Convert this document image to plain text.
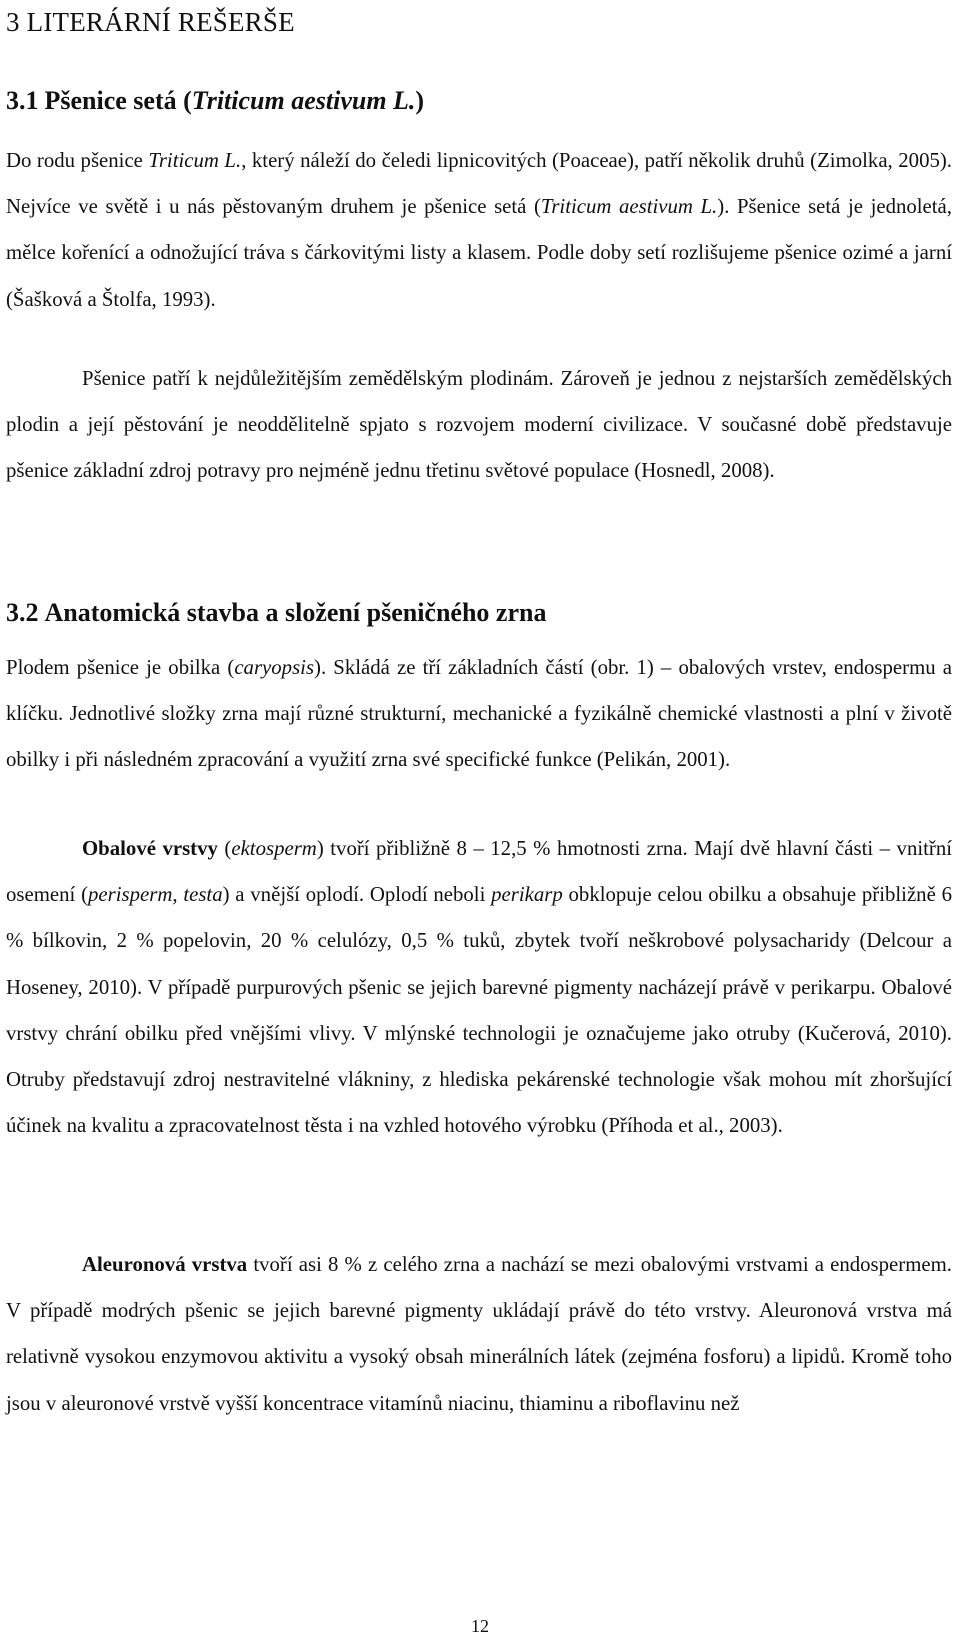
3 LITERÁRNÍ REŠERŠE
3.1 Pšenice setá (Triticum aestivum L.)

Do rodu pšenice Triticum L., který náleží do čeledi lipnicovitých (Poaceae), patří několik druhů (Zimolka, 2005). Nejvíce ve světě i u nás pěstovaným druhem je pšenice setá (Triticum aestivum L.). Pšenice setá je jednoletá, mělce kořenící a odnožující tráva s čárkovitými listy a klasem. Podle doby setí rozlišujeme pšenice ozimé a jarní (Šašková a Štolfa, 1993).

Pšenice patří k nejdůležitějším zemědělským plodinám. Zároveň je jednou z nejstarších zemědělských plodin a její pěstování je neoddělitelně spjato s rozvojem moderní civilizace. V současné době představuje pšenice základní zdroj potravy pro nejméně jednu třetinu světové populace (Hosnedl, 2008).

3.2 Anatomická stavba a složení pšeničného zrna

Plodem pšenice je obilka (caryopsis). Skládá ze tří základních částí (obr. 1) – obalových vrstev, endospermu a klíčku. Jednotlivé složky zrna mají různé strukturní, mechanické a fyzikálně chemické vlastnosti a plní v životě obilky i při následném zpracování a využití zrna své specifické funkce (Pelikán, 2001).

Obalové vrstvy (ektosperm) tvoří přibližně 8 – 12,5 % hmotnosti zrna. Mají dvě hlavní části – vnitřní osemení (perisperm, testa) a vnější oplodí. Oplodí neboli perikarp obklopuje celou obilku a obsahuje přibližně 6 % bílkovin, 2 % popelovin, 20 % celulózy, 0,5 % tuků, zbytek tvoří neškrobové polysacharidy (Delcour a Hoseney, 2010). V případě purpurových pšenic se jejich barevné pigmenty nacházejí právě v perikarpu. Obalové vrstvy chrání obilku před vnějšími vlivy. V mlýnské technologii je označujeme jako otruby (Kučerová, 2010). Otruby představují zdroj nestravitelné vlákniny, z hlediska pekárenské technologie však mohou mít zhoršující účinek na kvalitu a zpracovatelnost těsta i na vzhled hotového výrobku (Příhoda et al., 2003).

Aleuronová vrstva tvoří asi 8 % z celého zrna a nachází se mezi obalovými vrstvami a endospermem. V případě modrých pšenic se jejich barevné pigmenty ukládají právě do této vrstvy. Aleuronová vrstva má relativně vysokou enzymovou aktivitu a vysoký obsah minerálních látek (zejména fosforu) a lipidů. Kromě toho jsou v aleuronové vrstvě vyšší koncentrace vitamínů niacinu, thiaminu a riboflavinu než

12
